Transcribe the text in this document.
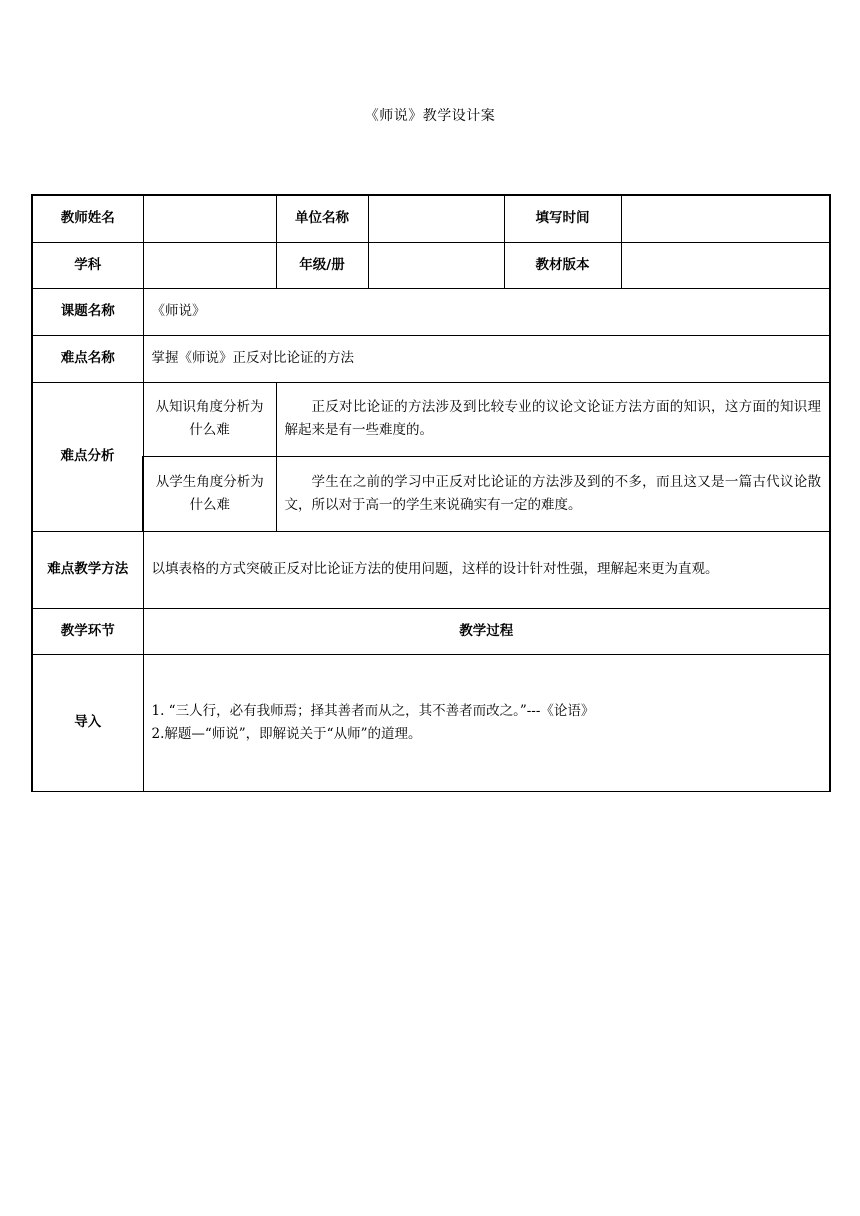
《师说》教学设计案
教师姓名		单位名称		填写时间	
学科		年级/册		教材版本	
课题名称	《师说》				
难点名称	掌握《师说》正反对比论证的方法				
难点分析	从知识角度分析为什么难	正反对比论证的方法涉及到比较专业的议论文论证方法方面的知识，这方面的知识理解起来是有一些难度的。			
	从学生角度分析为什么难	学生在之前的学习中正反对比论证的方法涉及到的不多，而且这又是一篇古代议论散文，所以对于高一的学生来说确实有一定的难度。			
难点教学方法	以填表格的方式突破正反对比论证方法的使用问题，这样的设计针对性强，理解起来更为直观。				
教学环节	教学过程				
导入	1. “三人行，必有我师焉；择其善者而从之，其不善者而改之。”---《论语》
2.解题—“师说”，即解说关于“从师”的道理。				
